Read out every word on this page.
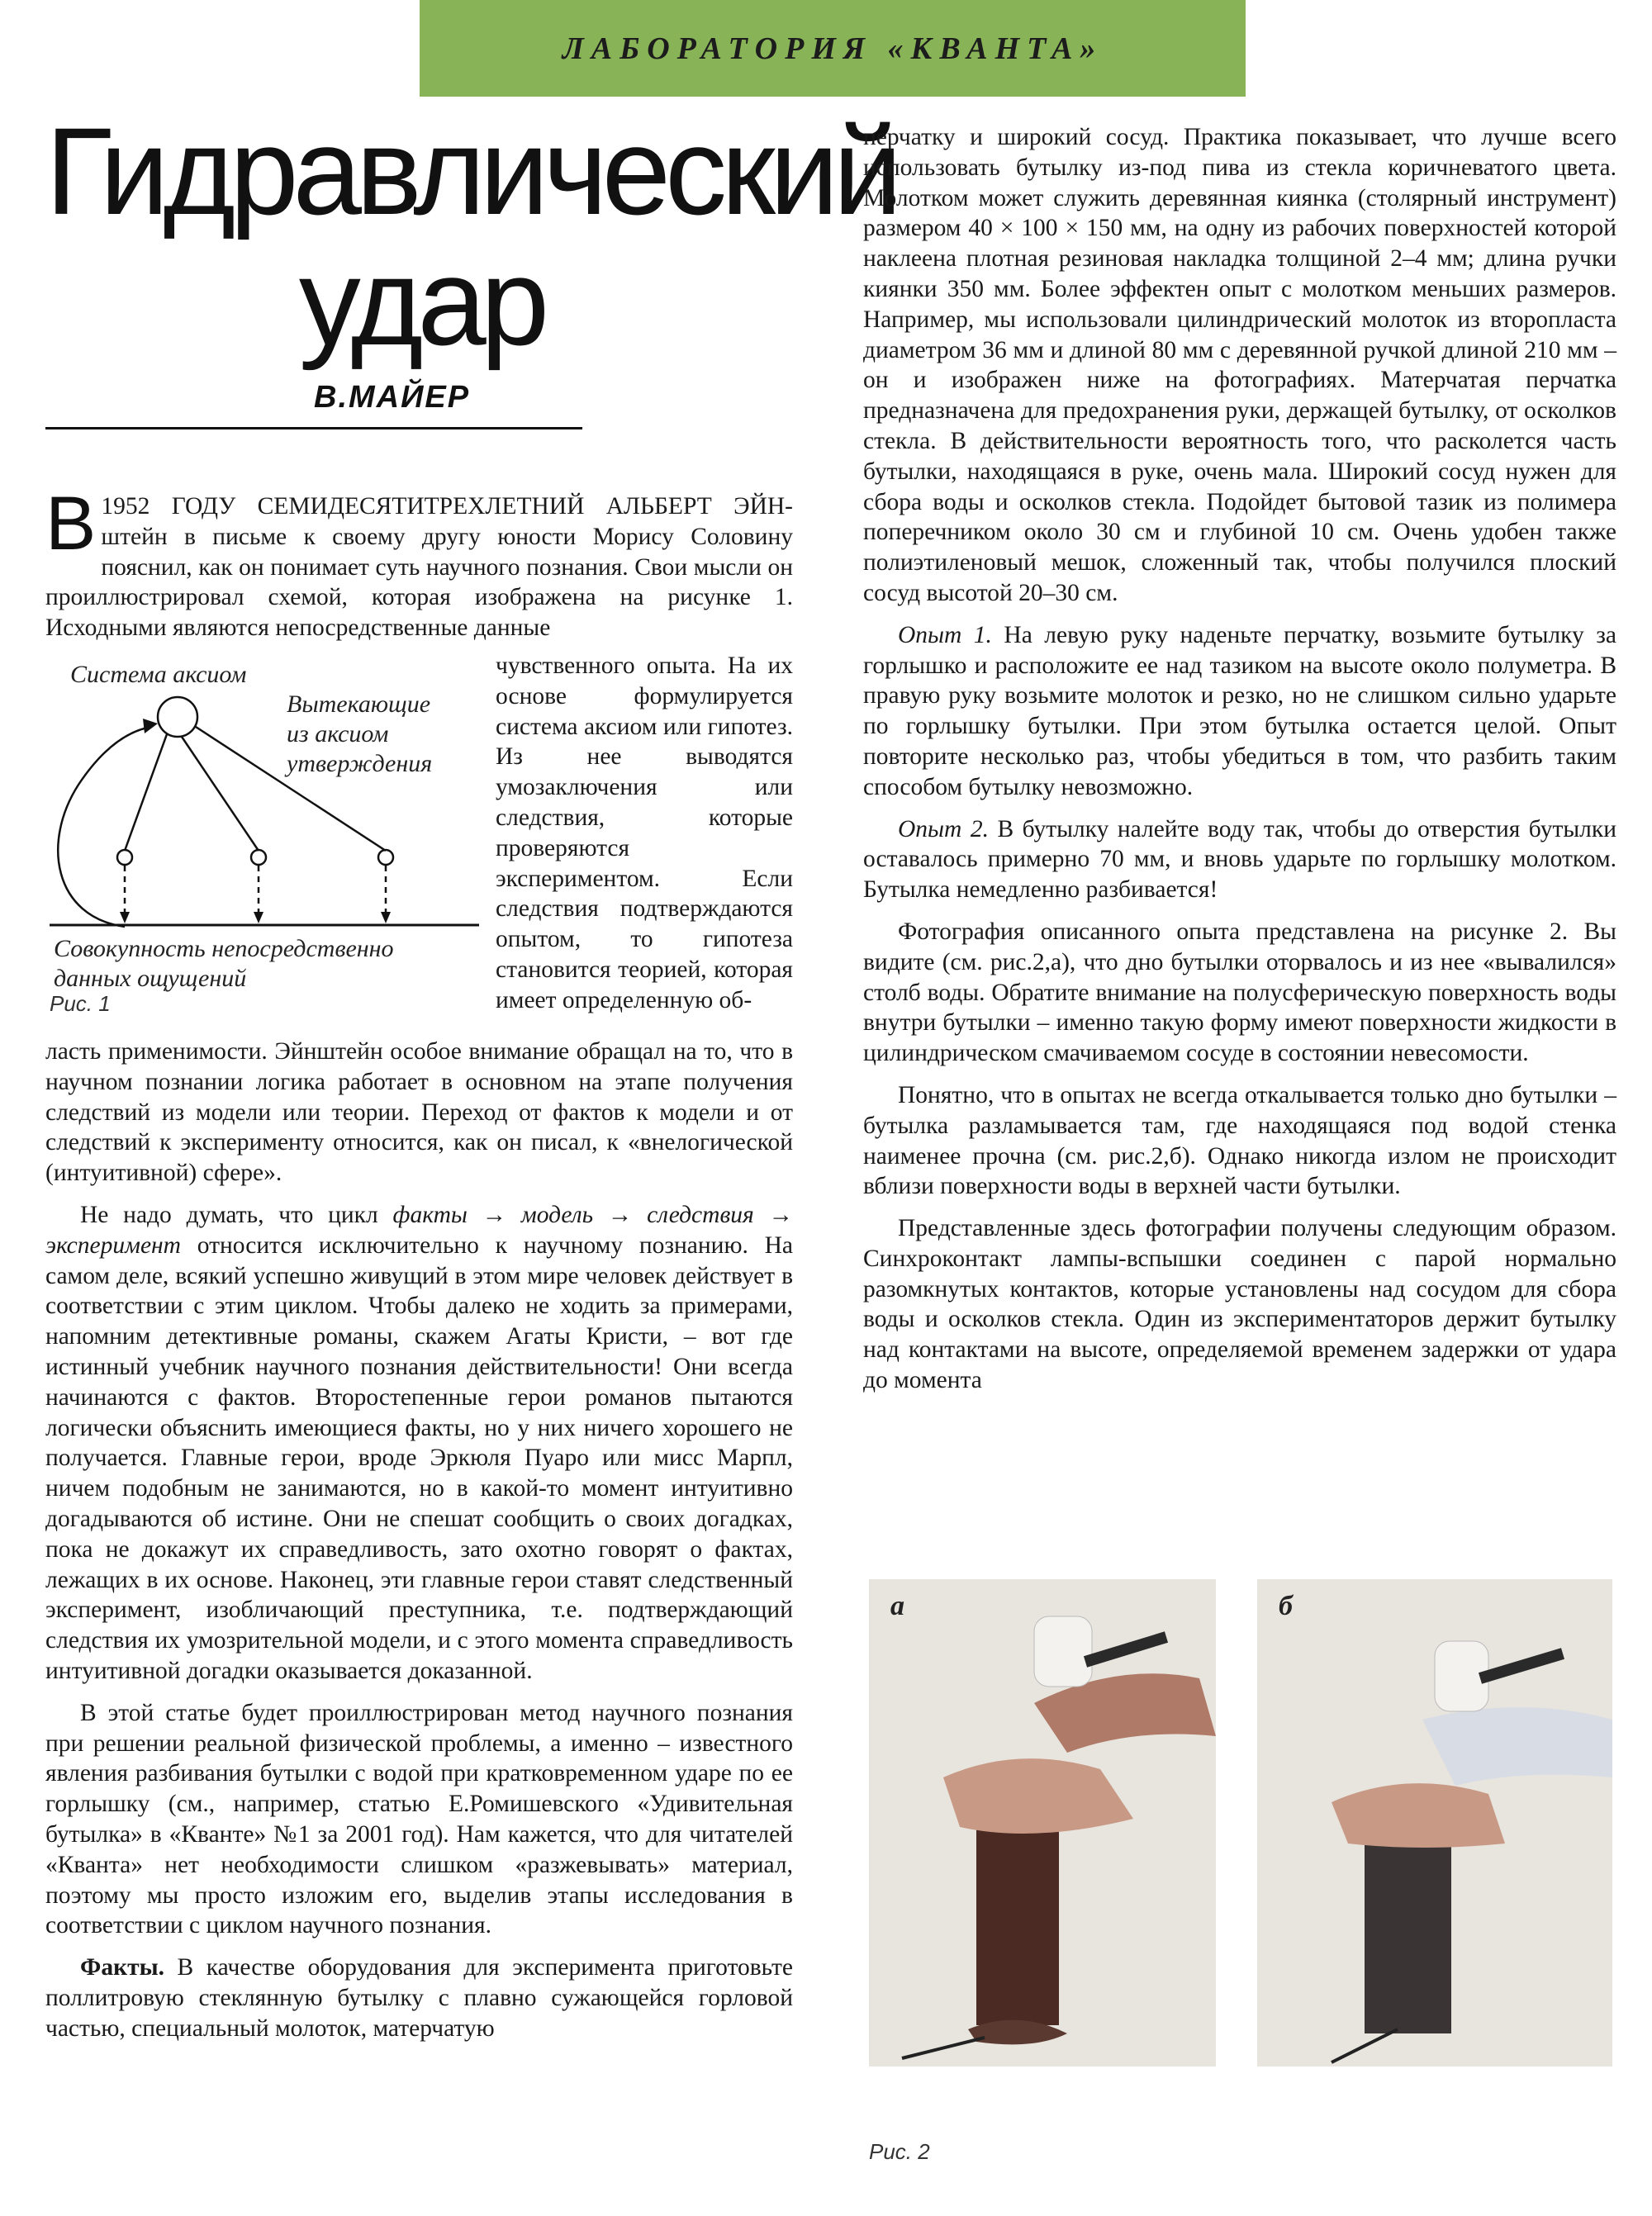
ЛАБОРАТОРИЯ «КВАНТА»
Гидравлический
удар
В.МАЙЕР

В 1952 ГОДУ СЕМИДЕСЯТИТРЕХЛЕТНИЙ АЛЬБЕРТ ЭЙН- штейн в письме к своему другу юности Морису Соловину пояснил, как он понимает суть научного познания. Свои мысли он проиллюстрировал схемой, которая изображена на рисунке 1. Исходными являются непосредственные данные

Система аксиом
Вытекающие
из аксиом
утверждения
Совокупность непосредственно
данных ощущений
Рис. 1

чувственного опыта. На их основе формулируется система аксиом или гипотез. Из нее выводятся умозаключения или следствия, которые проверяются экспериментом. Если следствия подтверждаются опытом, то гипотеза становится теорией, которая имеет определенную об-

ласть применимости. Эйнштейн особое внимание обращал на то, что в научном познании логика работает в основном на этапе получения следствий из модели или теории. Переход от фактов к модели и от следствий к эксперименту относится, как он писал, к «внелогической (интуитивной) сфере».

Не надо думать, что цикл факты → модель → следствия → эксперимент относится исключительно к научному познанию. На самом деле, всякий успешно живущий в этом мире человек действует в соответствии с этим циклом. Чтобы далеко не ходить за примерами, напомним детективные романы, скажем Агаты Кристи, – вот где истинный учебник научного познания действительности! Они всегда начинаются с фактов. Второстепенные герои романов пытаются логически объяснить имеющиеся факты, но у них ничего хорошего не получается. Главные герои, вроде Эркюля Пуаро или мисс Марпл, ничем подобным не занимаются, но в какой-то момент интуитивно догадываются об истине. Они не спешат сообщить о своих догадках, пока не докажут их справедливость, зато охотно говорят о фактах, лежащих в их основе. Наконец, эти главные герои ставят следственный эксперимент, изобличающий преступника, т.е. подтверждающий следствия их умозрительной модели, и с этого момента справедливость интуитивной догадки оказывается доказанной.

В этой статье будет проиллюстрирован метод научного познания при решении реальной физической проблемы, а именно – известного явления разбивания бутылки с водой при кратковременном ударе по ее горлышку (см., например, статью Е.Ромишевского «Удивительная бутылка» в «Кванте» №1 за 2001 год). Нам кажется, что для читателей «Кванта» нет необходимости слишком «разжевывать» материал, поэтому мы просто изложим его, выделив этапы исследования в соответствии с циклом научного познания.

Факты. В качестве оборудования для эксперимента приготовьте поллитровую стеклянную бутылку с плавно сужающейся горловой частью, специальный молоток, матерчатую

перчатку и широкий сосуд. Практика показывает, что лучше всего использовать бутылку из-под пива из стекла коричневатого цвета. Молотком может служить деревянная киянка (столярный инструмент) размером 40 × 100 × 150 мм, на одну из рабочих поверхностей которой наклеена плотная резиновая накладка толщиной 2–4 мм; длина ручки киянки 350 мм. Более эффектен опыт с молотком меньших размеров. Например, мы использовали цилиндрический молоток из второпласта диаметром 36 мм и длиной 80 мм с деревянной ручкой длиной 210 мм – он и изображен ниже на фотографиях. Матерчатая перчатка предназначена для предохранения руки, держащей бутылку, от осколков стекла. В действительности вероятность того, что расколется часть бутылки, находящаяся в руке, очень мала. Широкий сосуд нужен для сбора воды и осколков стекла. Подойдет бытовой тазик из полимера поперечником около 30 см и глубиной 10 см. Очень удобен также полиэтиленовый мешок, сложенный так, чтобы получился плоский сосуд высотой 20–30 см.

Опыт 1. На левую руку наденьте перчатку, возьмите бутылку за горлышко и расположите ее над тазиком на высоте около полуметра. В правую руку возьмите молоток и резко, но не слишком сильно ударьте по горлышку бутылки. При этом бутылка остается целой. Опыт повторите несколько раз, чтобы убедиться в том, что разбить таким способом бутылку невозможно.

Опыт 2. В бутылку налейте воду так, чтобы до отверстия бутылки оставалось примерно 70 мм, и вновь ударьте по горлышку молотком. Бутылка немедленно разбивается!

Фотография описанного опыта представлена на рисунке 2. Вы видите (см. рис.2,а), что дно бутылки оторвалось и из нее «вывалился» столб воды. Обратите внимание на полусферическую поверхность воды внутри бутылки – именно такую форму имеют поверхности жидкости в цилиндрическом смачиваемом сосуде в состоянии невесомости.

Понятно, что в опытах не всегда откалывается только дно бутылки – бутылка разламывается там, где находящаяся под водой стенка наименее прочна (см. рис.2,б). Однако никогда излом не происходит вблизи поверхности воды в верхней части бутылки.

Представленные здесь фотографии получены следующим образом. Синхроконтакт лампы-вспышки соединен с парой нормально разомкнутых контактов, которые установлены над сосудом для сбора воды и осколков стекла. Один из экспериментаторов держит бутылку над контактами на высоте, определяемой временем задержки от удара до момента

а	б
Рис. 2
